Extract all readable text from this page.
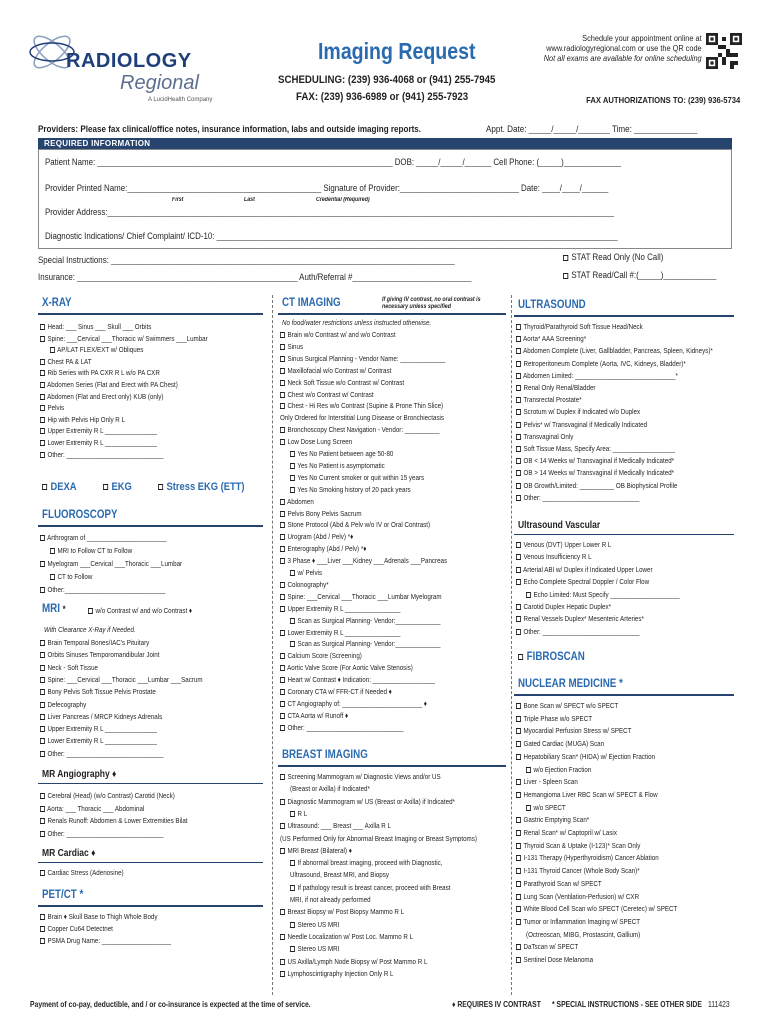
RADIOLOGY
Regional
A LucidHealth Company
Imaging Request
SCHEDULING: (239) 936-4068 or (941) 255-7945
FAX: (239) 936-6989 or (941) 255-7923
Schedule your appointment online at
www.radiologyregional.com or use the QR code
Not all exams are available for online scheduling
FAX AUTHORIZATIONS TO: (239) 936-5734
Providers: Please fax clinical/office notes, insurance information, labs and outside imaging reports.	Appt. Date: _____/_____/_______ Time: ______________
REQUIRED INFORMATION
Patient Name: ___________________________________________________________________ DOB: _____/_____/______ Cell Phone: (_____)_____________
Provider Printed Name:____________________________________________ Signature of Provider:___________________________ Date: ____/____/______
First	Last	Credential (Required)
Provider Address:___________________________________________________________________________________________________________________
Diagnostic Indications/ Chief Complaint/ ICD-10: ___________________________________________________________________________________________
Special Instructions: ______________________________________________________________________________
Insurance: __________________________________________________ Auth/Referral #___________________________
STAT Read Only (No Call)
STAT Read/Call #:(_____)____________
X-RAY
Head: ___ Sinus ___ Skull ___ Orbits
Spine: ___Cervical ___Thoracic w/ Swimmers ___Lumbar
AP/LAT FLEX/EXT w/ Obliques
Chest PA & LAT
Rib Series with PA CXR R L w/o PA CXR
Abdomen Series (Flat and Erect with PA Chest)
Abdomen (Flat and Erect only) KUB (only)
Pelvis
Hip with Pelvis Hip Only R L
Upper Extremity R L _______________
Lower Extremity R L _______________
Other: ____________________________
DEXA	EKG	Stress EKG (ETT)
FLUOROSCOPY
Arthrogram of _______________________
MRI to Follow CT to Follow
Myelogram ___Cervical ___Thoracic ___Lumbar
CT to Follow
Other:_____________________________
MRI *	w/o Contrast w/ and w/o Contrast ♦
With Clearance X-Ray if Needed.
Brain Temporal Bones/IAC's Pituitary
Orbits Sinuses Temporomandibular Joint
Neck - Soft Tissue
Spine: ___Cervical ___Thoracic ___Lumbar ___Sacrum
Bony Pelvis Soft Tissue Pelvis Prostate
Defecography
Liver Pancreas / MRCP Kidneys Adrenals
Upper Extremity R L _______________
Lower Extremity R L _______________
Other: ____________________________
MR Angiography ♦
Cerebral (Head) (w/o Contrast) Carotid (Neck)
Aorta: ___ Thoracic ___ Abdominal
Renals Runoff: Abdomen & Lower Extremities Bilat
Other: ____________________________
MR Cardiac ♦
Cardiac Stress (Adenosine)
PET/CT *
Brain ♦ Skull Base to Thigh Whole Body
Copper Cu64 Detectnet
PSMA Drug Name: ____________________
CT IMAGING	If giving IV contrast, no oral contrast is necessary unless specified
No food/water restrictions unless instructed otherwise.
Brain w/o Contrast w/ and w/o Contrast
Sinus
Sinus Surgical Planning - Vendor Name: _____________
Maxillofacial w/o Contrast w/ Contrast
Neck Soft Tissue w/o Contrast w/ Contrast
Chest w/o Contrast w/ Contrast
Chest - Hi Res w/o Contrast (Supine & Prone Thin Slice)
Only Ordered for Interstitial Lung Disease or Bronchiectasis
Bronchoscopy Chest Navigation - Vendor: __________
Low Dose Lung Screen
Yes No Patient between age 50-80
Yes No Patient is asymptomatic
Yes No Current smoker or quit within 15 years
Yes No Smoking history of 20 pack years
Abdomen
Pelvis Bony Pelvis Sacrum
Stone Protocol (Abd & Pelv w/o IV or Oral Contrast)
Urogram (Abd / Pelv) *♦
Enterography (Abd / Pelv) *♦
3 Phase ♦ ___Liver ___Kidney ___Adrenals ___Pancreas
w/ Pelvis
Colonography*
Spine: ___Cervical ___Thoracic ___Lumbar Myelogram
Upper Extremity R L ________________
Scan as Surgical Planning- Vendor:_____________
Lower Extremity R L ________________
Scan as Surgical Planning- Vendor:_____________
Calcium Score (Screening)
Aortic Valve Score (For Aortic Valve Stenosis)
Heart w/ Contrast ♦ Indication: __________________
Coronary CTA w/ FFR-CT if Needed ♦
CT Angiography of: _______________________ ♦
CTA Aorta w/ Runoff ♦
Other: ____________________________
BREAST IMAGING
Screening Mammogram w/ Diagnostic Views and/or US
(Breast or Axilla) if Indicated*
Diagnostic Mammogram w/ US (Breast or Axilla) if Indicated*
R L
Ultrasound: ___ Breast ___ Axilla R L
(US Performed Only for Abnormal Breast Imaging or Breast Symptoms)
MRI Breast (Bilateral) ♦
If abnormal breast imaging, proceed with Diagnostic,
Ultrasound, Breast MRI, and Biopsy
If pathology result is breast cancer, proceed with Breast
MRI, if not already performed
Breast Biopsy w/ Post Biopsy Mammo R L
Stereo US MRI
Needle Localization w/ Post Loc. Mammo R L
Stereo US MRI
US Axilla/Lymph Node Biopsy w/ Post Mammo R L
Lymphoscintigraphy Injection Only R L
ULTRASOUND
Thyroid/Parathyroid Soft Tissue Head/Neck
Aorta* AAA Screening*
Abdomen Complete (Liver, Gallbladder, Pancreas, Spleen, Kidneys)*
Retroperitoneum Complete (Aorta, IVC, Kidneys, Bladder)*
Abdomen Limited: _____________________________*
Renal Only Renal/Bladder
Transrectal Prostate*
Scrotum w/ Duplex if Indicated w/o Duplex
Pelvis* w/ Transvaginal if Medically Indicated
Transvaginal Only
Soft Tissue Mass, Specify Area: __________________
OB < 14 Weeks w/ Transvaginal if Medically Indicated*
OB > 14 Weeks w/ Transvaginal if Medically Indicated*
OB Growth/Limited: __________ OB Biophysical Profile
Other: ____________________________
Ultrasound Vascular
Venous (DVT) Upper Lower R L
Venous Insufficiency R L
Arterial ABI w/ Duplex if Indicated Upper Lower
Echo Complete Spectral Doppler / Color Flow
Echo Limited: Must Specify ____________________
Carotid Duplex Hepatic Duplex*
Renal Vessels Duplex* Mesenteric Arteries*
Other: ____________________________
FIBROSCAN
NUCLEAR MEDICINE *
Bone Scan w/ SPECT w/o SPECT
Triple Phase w/o SPECT
Myocardial Perfusion Stress w/ SPECT
Gated Cardiac (MUGA) Scan
Hepatobiliary Scan* (HIDA) w/ Ejection Fraction
w/o Ejection Fraction
Liver - Spleen Scan
Hemangioma Liver RBC Scan w/ SPECT & Flow
w/o SPECT
Gastric Emptying Scan*
Renal Scan* w/ Captopril w/ Lasix
Thyroid Scan & Uptake (I-123)* Scan Only
I-131 Therapy (Hyperthyroidism) Cancer Ablation
I-131 Thyroid Cancer (Whole Body Scan)*
Parathyroid Scan w/ SPECT
Lung Scan (Ventilation-Perfusion) w/ CXR
White Blood Cell Scan w/o SPECT (Ceretec) w/ SPECT
Tumor or Inflammation Imaging w/ SPECT
(Octreoscan, MIBG, Prostascint, Gallium)
DaTscan w/ SPECT
Sentinel Dose Melanoma
Payment of co-pay, deductible, and / or co-insurance is expected at the time of service.	♦ REQUIRES IV CONTRAST * SPECIAL INSTRUCTIONS - SEE OTHER SIDE 111423
